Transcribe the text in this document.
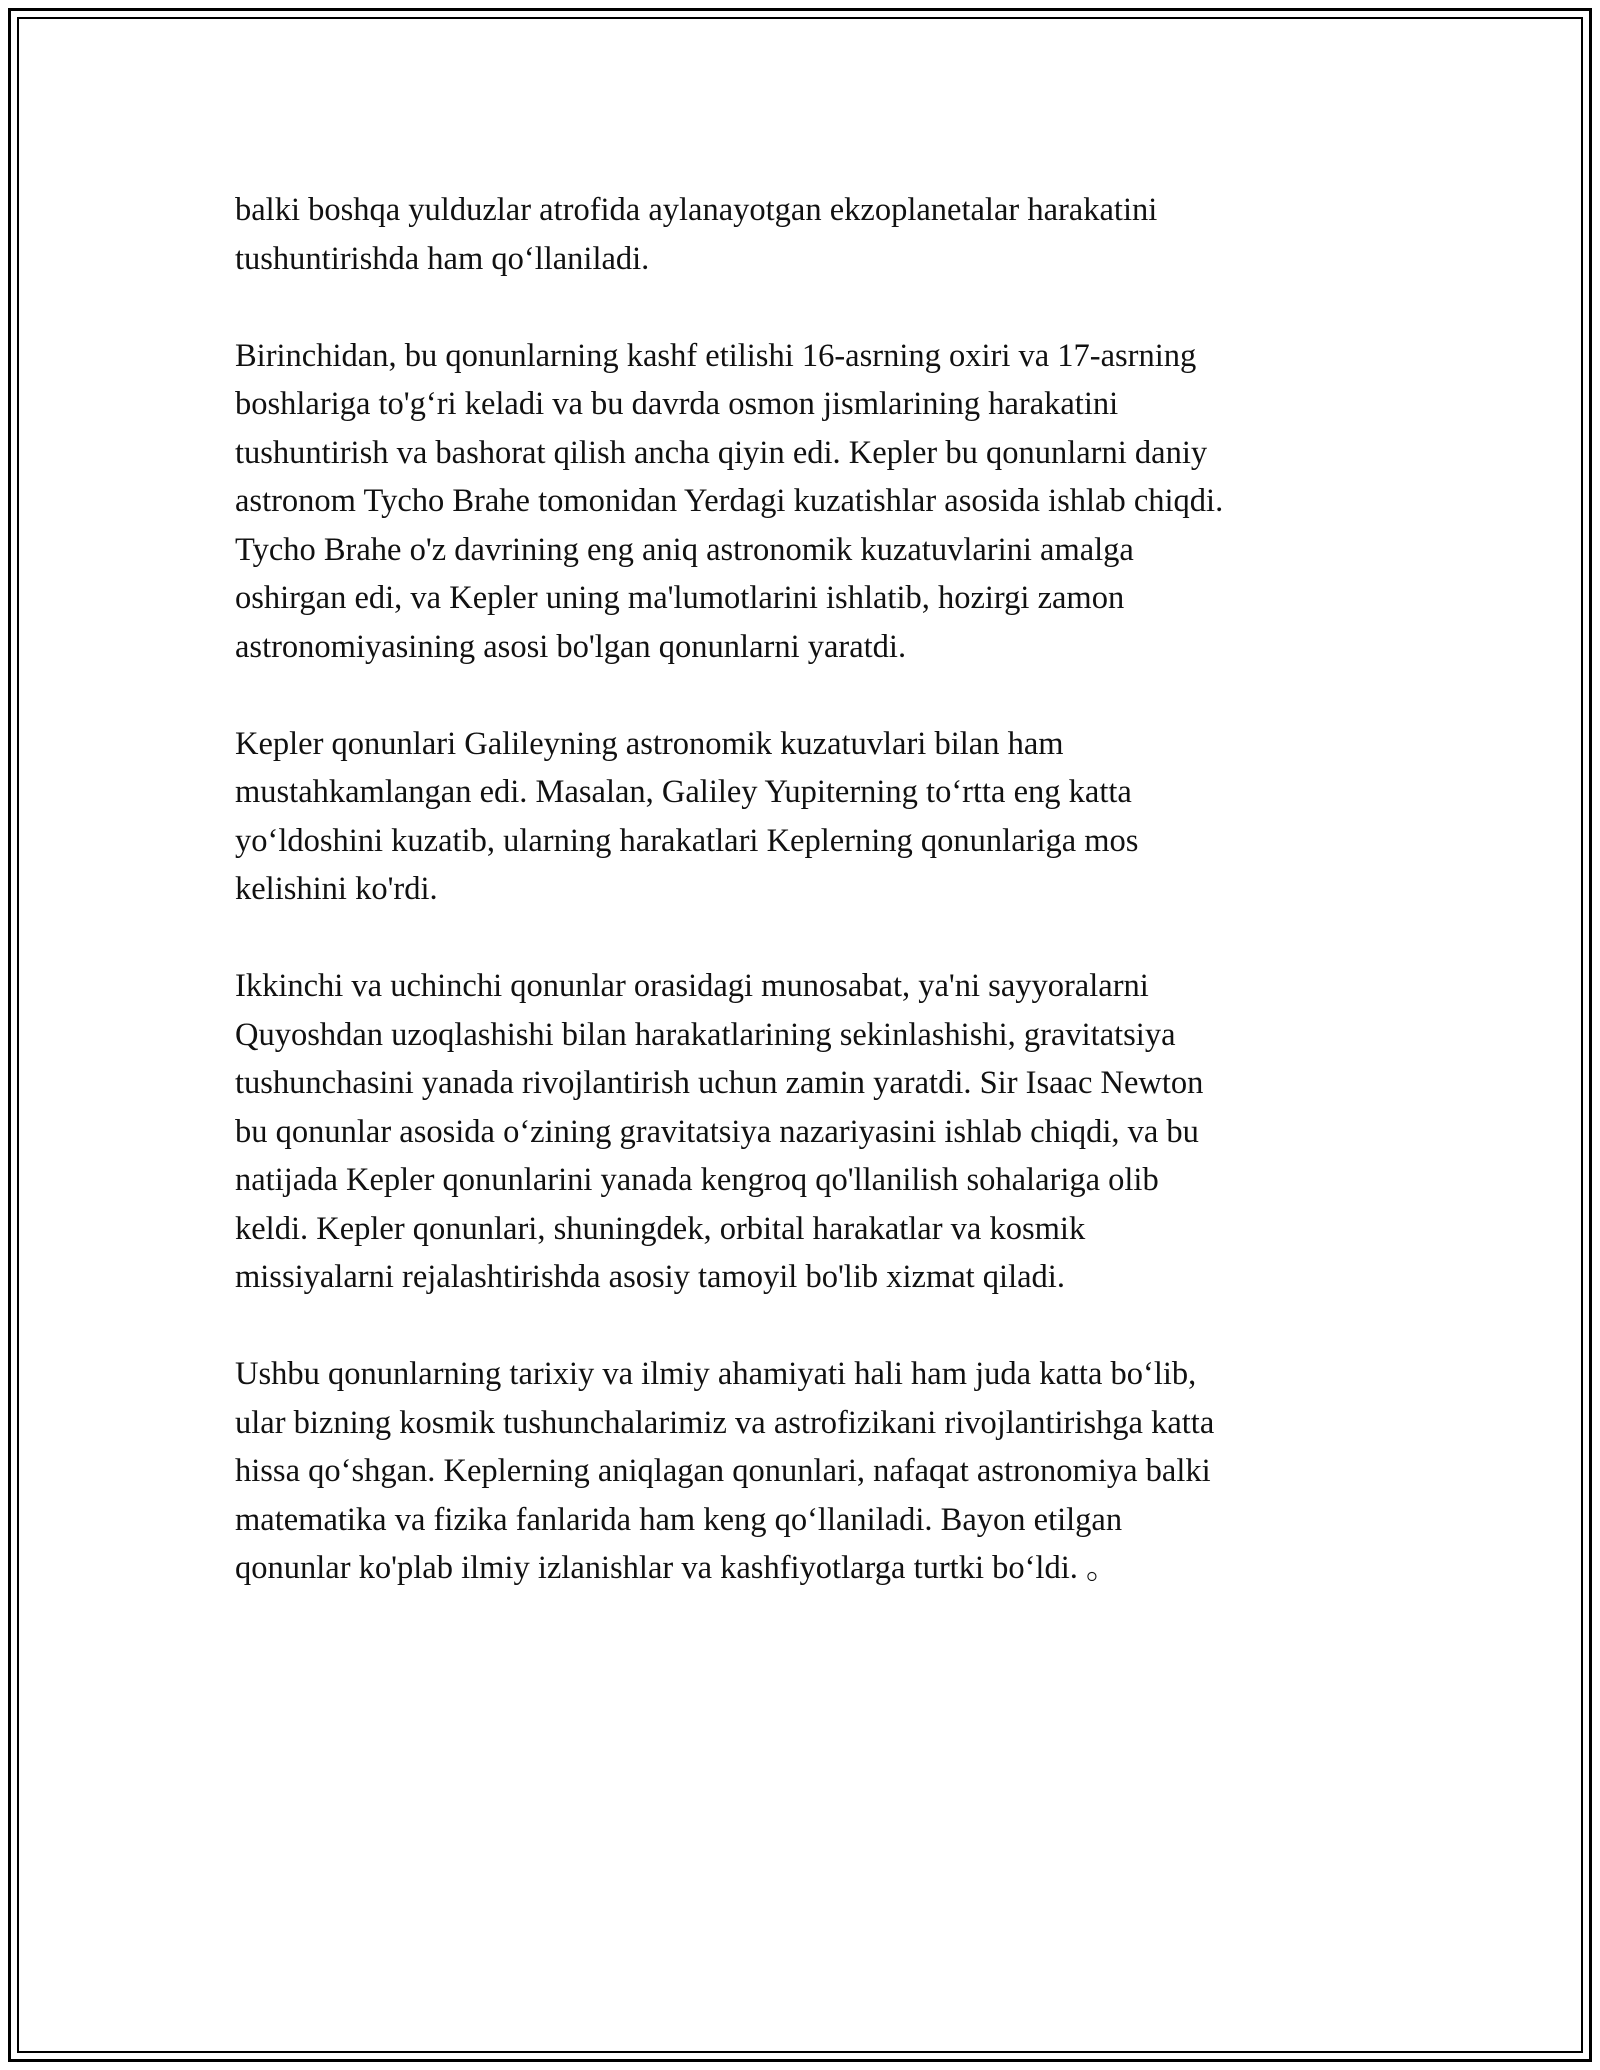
balki boshqa yulduzlar atrofida aylanayotgan ekzoplanetalar harakatini
tushuntirishda ham qo‘llaniladi.

Birinchidan, bu qonunlarning kashf etilishi 16-asrning oxiri va 17-asrning
boshlariga to'g‘ri keladi va bu davrda osmon jismlarining harakatini
tushuntirish va bashorat qilish ancha qiyin edi. Kepler bu qonunlarni daniy
astronom Tycho Brahe tomonidan Yerdagi kuzatishlar asosida ishlab chiqdi.
Tycho Brahe o'z davrining eng aniq astronomik kuzatuvlarini amalga
oshirgan edi, va Kepler uning ma'lumotlarini ishlatib, hozirgi zamon
astronomiyasining asosi bo'lgan qonunlarni yaratdi.

Kepler qonunlari Galileyning astronomik kuzatuvlari bilan ham
mustahkamlangan edi. Masalan, Galiley Yupiterning to‘rtta eng katta
yo‘ldoshini kuzatib, ularning harakatlari Keplerning qonunlariga mos
kelishini ko'rdi.

Ikkinchi va uchinchi qonunlar orasidagi munosabat, ya'ni sayyoralarni
Quyoshdan uzoqlashishi bilan harakatlarining sekinlashishi, gravitatsiya
tushunchasini yanada rivojlantirish uchun zamin yaratdi. Sir Isaac Newton
bu qonunlar asosida o‘zining gravitatsiya nazariyasini ishlab chiqdi, va bu
natijada Kepler qonunlarini yanada kengroq qo'llanilish sohalariga olib
keldi. Kepler qonunlari, shuningdek, orbital harakatlar va kosmik
missiyalarni rejalashtirishda asosiy tamoyil bo'lib xizmat qiladi.

Ushbu qonunlarning tarixiy va ilmiy ahamiyati hali ham juda katta bo‘lib,
ular bizning kosmik tushunchalarimiz va astrofizikani rivojlantirishga katta
hissa qo‘shgan. Keplerning aniqlagan qonunlari, nafaqat astronomiya balki
matematika va fizika fanlarida ham keng qo‘llaniladi. Bayon etilgan
qonunlar ko'plab ilmiy izlanishlar va kashfiyotlarga turtki bo‘ldi. ｡
